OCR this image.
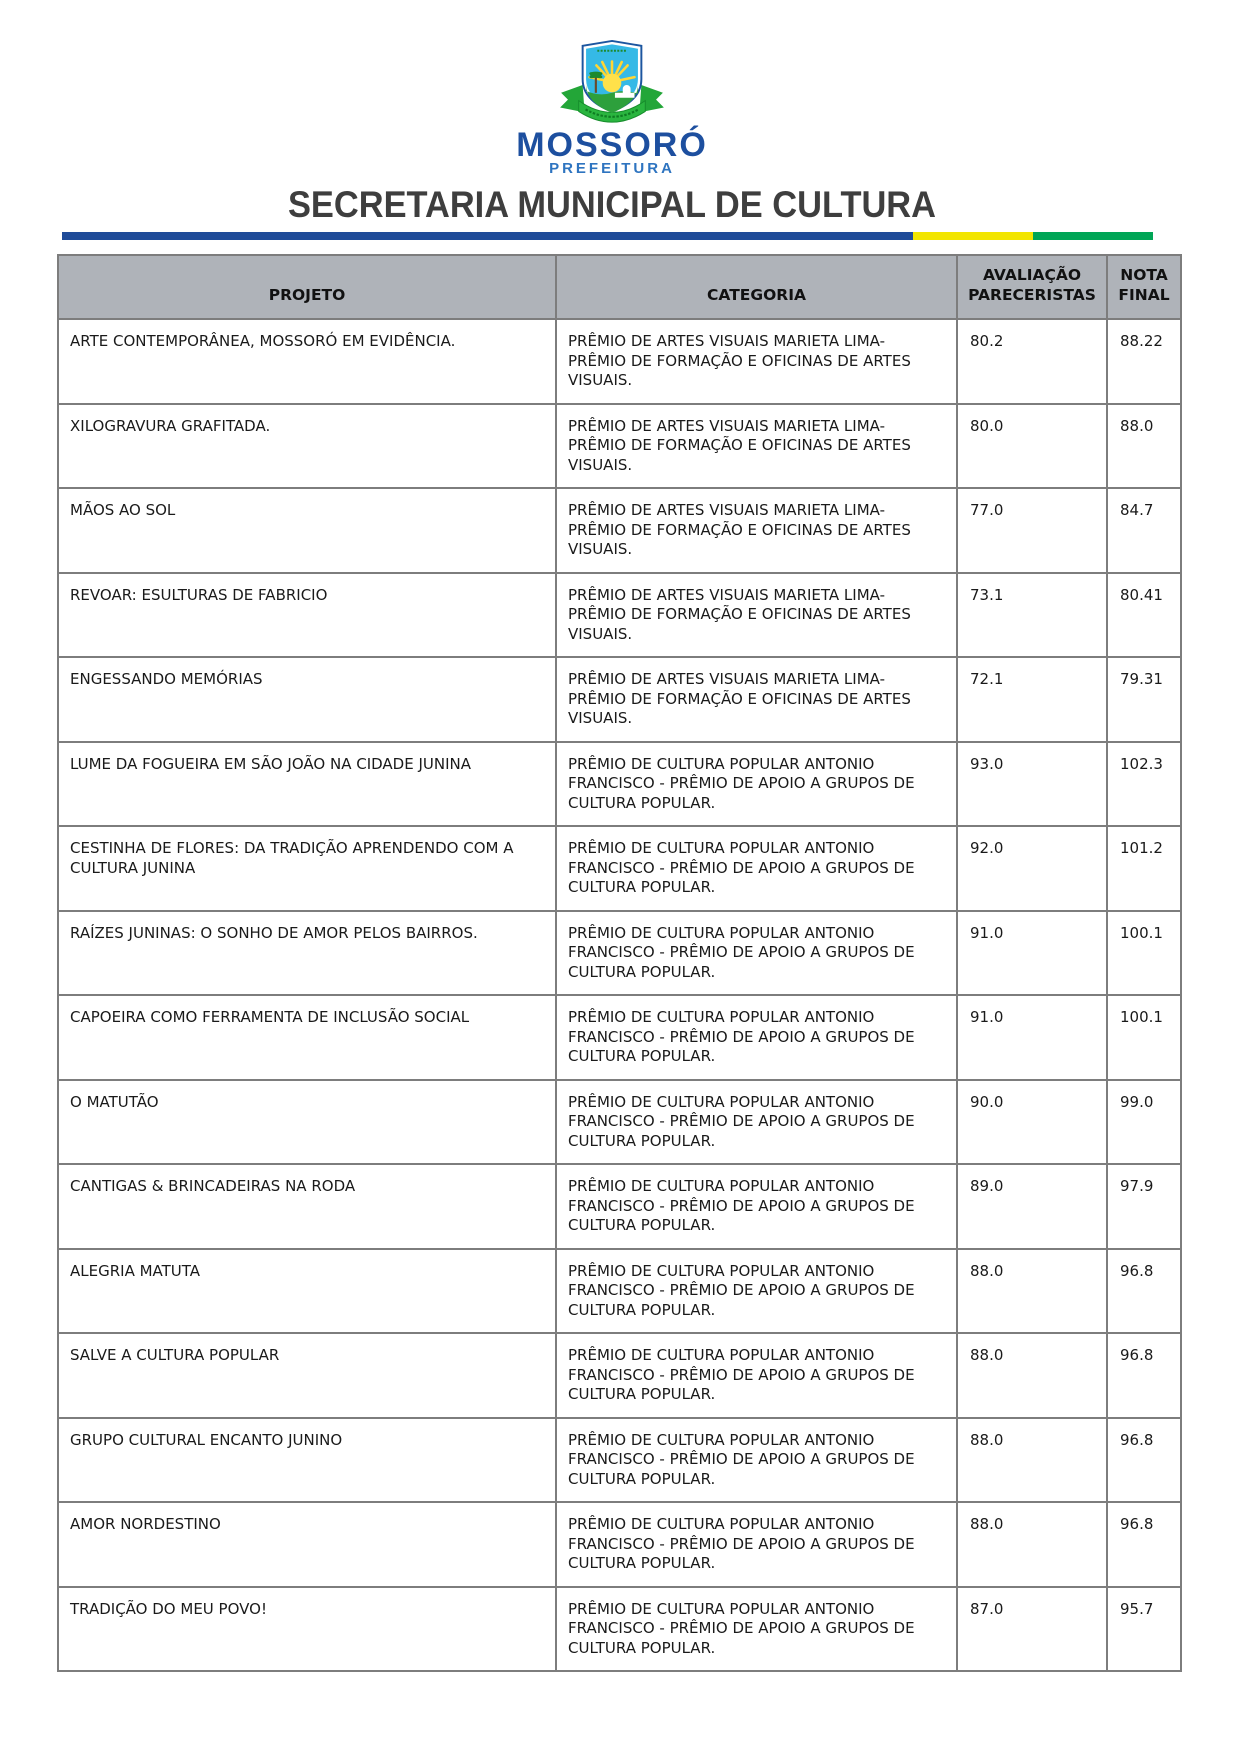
MOSSORÓ
PREFEITURA
SECRETARIA MUNICIPAL DE CULTURA
PROJETO	CATEGORIA	AVALIAÇÃO PARECERISTAS	NOTA FINAL
ARTE CONTEMPORÂNEA, MOSSORÓ EM EVIDÊNCIA.	PRÊMIO DE ARTES VISUAIS MARIETA LIMA- PRÊMIO DE FORMAÇÃO E OFICINAS DE ARTES VISUAIS.	80.2	88.22
XILOGRAVURA GRAFITADA.	PRÊMIO DE ARTES VISUAIS MARIETA LIMA- PRÊMIO DE FORMAÇÃO E OFICINAS DE ARTES VISUAIS.	80.0	88.0
MÃOS AO SOL	PRÊMIO DE ARTES VISUAIS MARIETA LIMA- PRÊMIO DE FORMAÇÃO E OFICINAS DE ARTES VISUAIS.	77.0	84.7
REVOAR: ESULTURAS DE FABRICIO	PRÊMIO DE ARTES VISUAIS MARIETA LIMA- PRÊMIO DE FORMAÇÃO E OFICINAS DE ARTES VISUAIS.	73.1	80.41
ENGESSANDO MEMÓRIAS	PRÊMIO DE ARTES VISUAIS MARIETA LIMA- PRÊMIO DE FORMAÇÃO E OFICINAS DE ARTES VISUAIS.	72.1	79.31
LUME DA FOGUEIRA EM SÃO JOÃO NA CIDADE JUNINA	PRÊMIO DE CULTURA POPULAR ANTONIO FRANCISCO - PRÊMIO DE APOIO A GRUPOS DE CULTURA POPULAR.	93.0	102.3
CESTINHA DE FLORES: DA TRADIÇÃO APRENDENDO COM A CULTURA JUNINA	PRÊMIO DE CULTURA POPULAR ANTONIO FRANCISCO - PRÊMIO DE APOIO A GRUPOS DE CULTURA POPULAR.	92.0	101.2
RAÍZES JUNINAS: O SONHO DE AMOR PELOS BAIRROS.	PRÊMIO DE CULTURA POPULAR ANTONIO FRANCISCO - PRÊMIO DE APOIO A GRUPOS DE CULTURA POPULAR.	91.0	100.1
CAPOEIRA COMO FERRAMENTA DE INCLUSÃO SOCIAL	PRÊMIO DE CULTURA POPULAR ANTONIO FRANCISCO - PRÊMIO DE APOIO A GRUPOS DE CULTURA POPULAR.	91.0	100.1
O MATUTÃO	PRÊMIO DE CULTURA POPULAR ANTONIO FRANCISCO - PRÊMIO DE APOIO A GRUPOS DE CULTURA POPULAR.	90.0	99.0
CANTIGAS & BRINCADEIRAS NA RODA	PRÊMIO DE CULTURA POPULAR ANTONIO FRANCISCO - PRÊMIO DE APOIO A GRUPOS DE CULTURA POPULAR.	89.0	97.9
ALEGRIA MATUTA	PRÊMIO DE CULTURA POPULAR ANTONIO FRANCISCO - PRÊMIO DE APOIO A GRUPOS DE CULTURA POPULAR.	88.0	96.8
SALVE A CULTURA POPULAR	PRÊMIO DE CULTURA POPULAR ANTONIO FRANCISCO - PRÊMIO DE APOIO A GRUPOS DE CULTURA POPULAR.	88.0	96.8
GRUPO CULTURAL ENCANTO JUNINO	PRÊMIO DE CULTURA POPULAR ANTONIO FRANCISCO - PRÊMIO DE APOIO A GRUPOS DE CULTURA POPULAR.	88.0	96.8
AMOR NORDESTINO	PRÊMIO DE CULTURA POPULAR ANTONIO FRANCISCO - PRÊMIO DE APOIO A GRUPOS DE CULTURA POPULAR.	88.0	96.8
TRADIÇÃO DO MEU POVO!	PRÊMIO DE CULTURA POPULAR ANTONIO FRANCISCO - PRÊMIO DE APOIO A GRUPOS DE CULTURA POPULAR.	87.0	95.7
